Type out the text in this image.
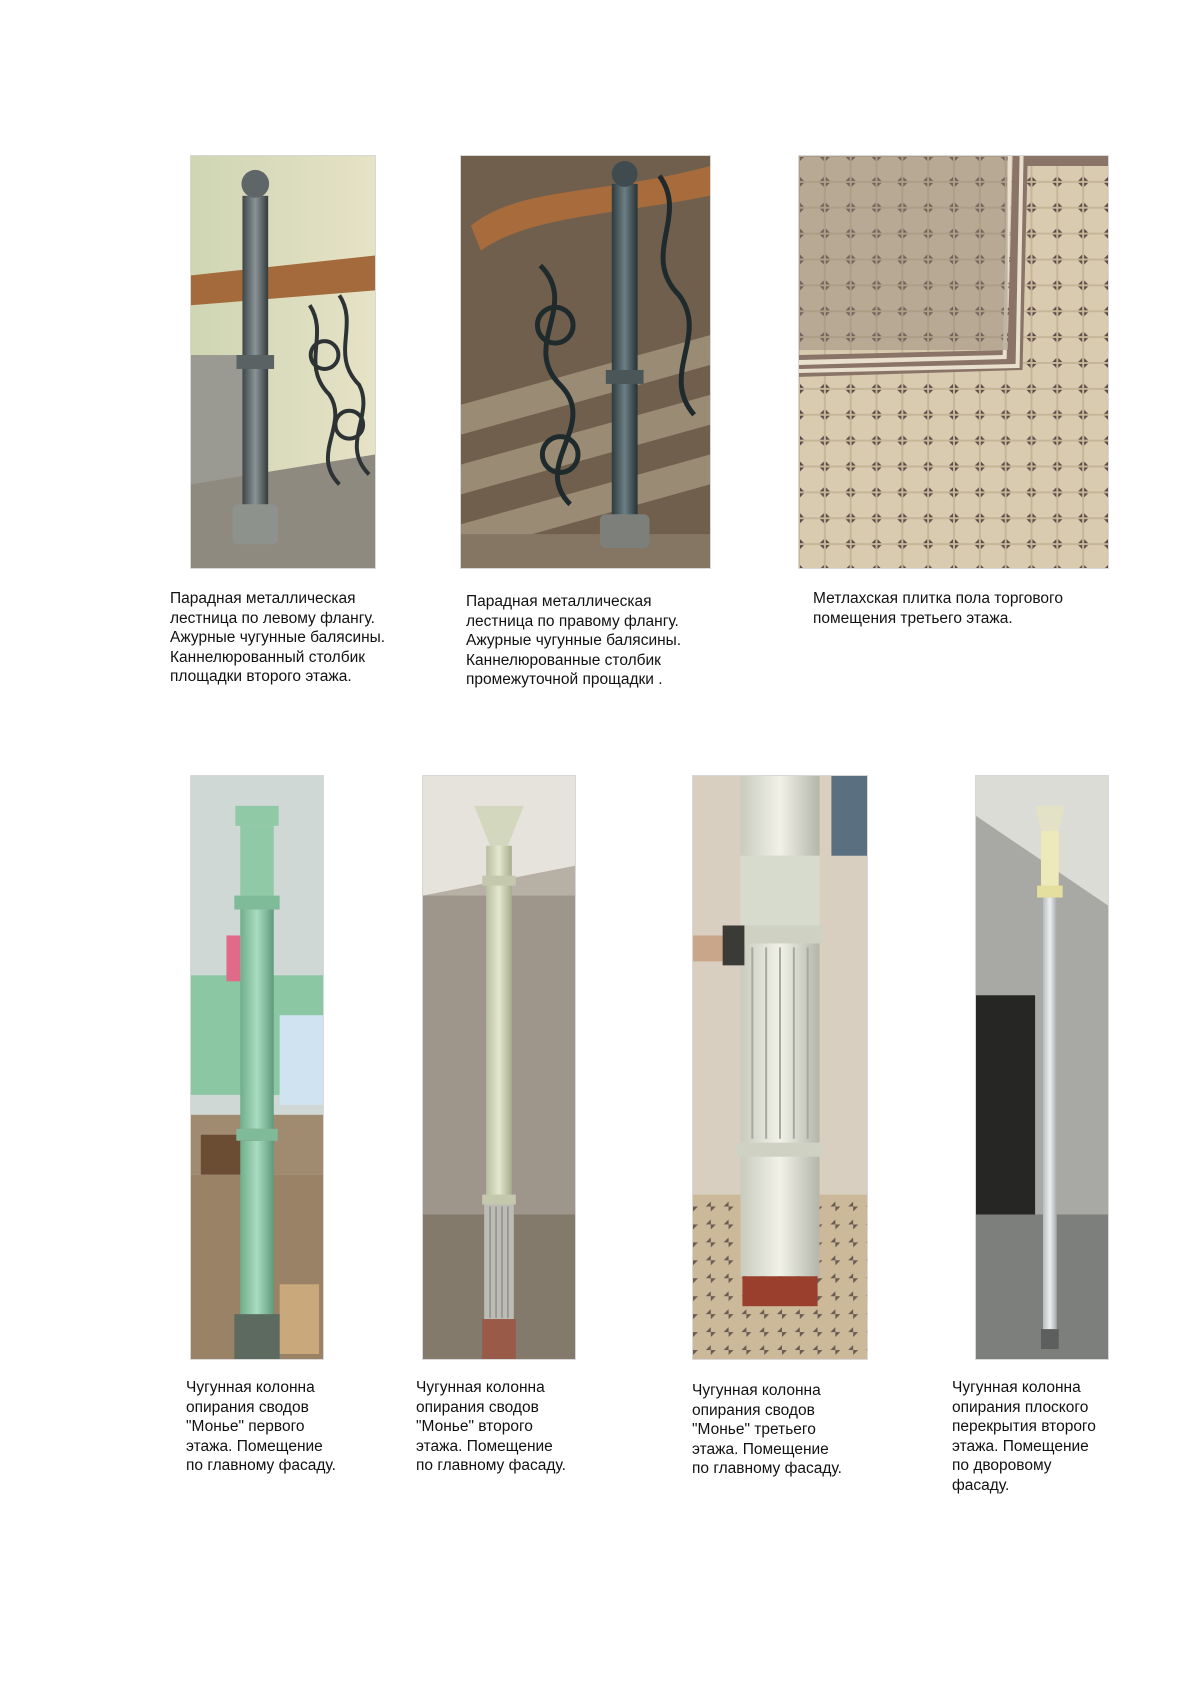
Парадная металлическая
лестница по левому флангу.
Ажурные чугунные балясины.
Каннелюрованный столбик
площадки второго этажа.

Парадная металлическая
лестница по правому флангу.
Ажурные чугунные балясины.
Каннелюрованные столбик
промежуточной прощадки .

Метлахская плитка пола торгового
помещения третьего этажа.

Чугунная колонна
опирания сводов
"Монье" первого
этажа. Помещение
по главному фасаду.

Чугунная колонна
опирания сводов
"Монье" второго
этажа. Помещение
по главному фасаду.

Чугунная колонна
опирания сводов
"Монье" третьего
этажа. Помещение
по главному фасаду.

Чугунная колонна
опирания плоского
перекрытия второго
этажа. Помещение
по дворовому
фасаду.
